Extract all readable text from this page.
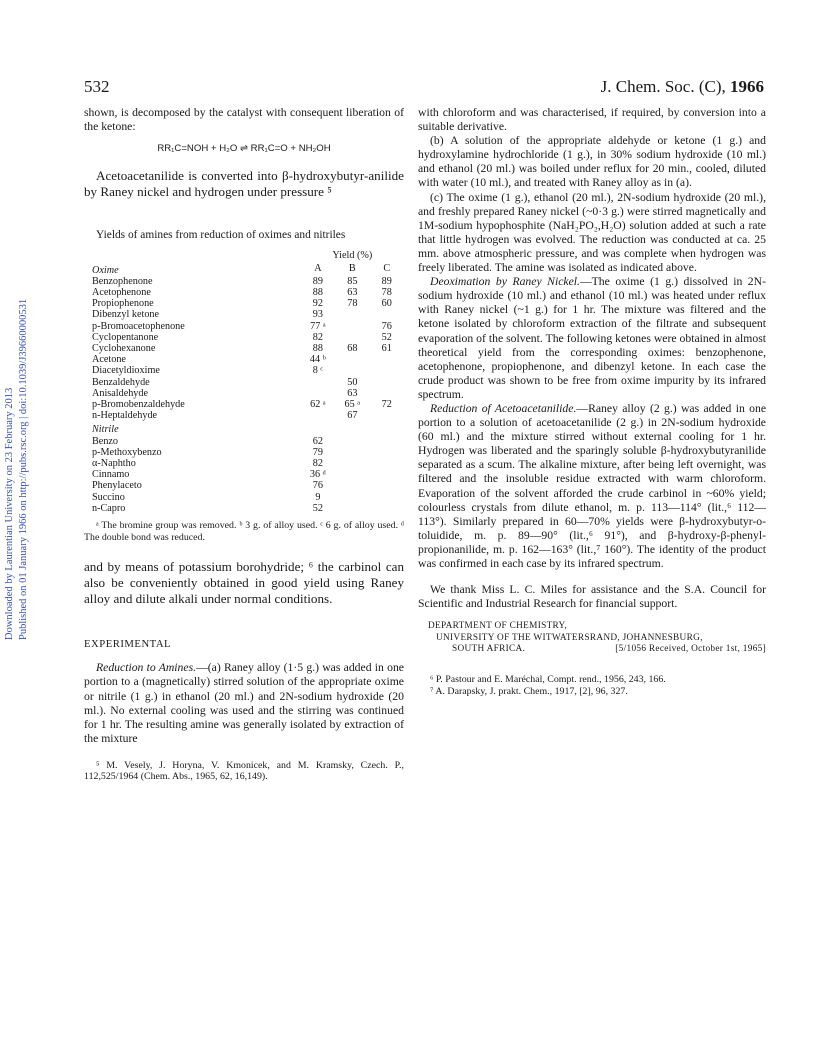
Downloaded by Laurentian University on 23 February 2013 Published on 01 January 1966 on http://pubs.rsc.org | doi:10.1039/J39660000531
532	J. Chem. Soc. (C), 1966

shown, is decomposed by the catalyst with consequent liberation of the ketone:

RR₁C=NOH + H₂O ⇌ RR₁C=O + NH₂OH

Acetoacetanilide is converted into β-hydroxybutyr-anilide by Raney nickel and hydrogen under pressure ⁵

Yields of amines from reduction of oximes and nitriles
		Yield (%)		
Oxime		A	B	C
Benzophenone		89	85	89
Acetophenone		88	63	78
Propiophenone		92	78	60
Dibenzyl ketone		93		
p-Bromoacetophenone		77 ᵃ		76
Cyclopentanone		82		52
Cyclohexanone		88	68	61
Acetone		44 ᵇ		
Diacetyldioxime		8 ᶜ		
Benzaldehyde			50	
Anisaldehyde			63	
p-Bromobenzaldehyde		62 ᵃ	65 ᵃ	72
n-Heptaldehyde			67	
Nitrile				
Benzo		62		
p-Methoxybenzo		79		
α-Naphtho		82		
Cinnamo		36 ᵈ		
Phenylaceto		76		
Succino		9		
n-Capro		52		

ᵃ The bromine group was removed. ᵇ 3 g. of alloy used. ᶜ 6 g. of alloy used. ᵈ The double bond was reduced.

and by means of potassium borohydride; ⁶ the carbinol can also be conveniently obtained in good yield using Raney alloy and dilute alkali under normal conditions.

EXPERIMENTAL

Reduction to Amines.—(a) Raney alloy (1·5 g.) was added in one portion to a (magnetically) stirred solution of the appropriate oxime or nitrile (1 g.) in ethanol (20 ml.) and 2N-sodium hydroxide (20 ml.). No external cooling was used and the stirring was continued for 1 hr. The resulting amine was generally isolated by extraction of the mixture

⁵ M. Vesely, J. Horyna, V. Kmonicek, and M. Kramsky, Czech. P., 112,525/1964 (Chem. Abs., 1965, 62, 16,149).

with chloroform and was characterised, if required, by conversion into a suitable derivative.

(b) A solution of the appropriate aldehyde or ketone (1 g.) and hydroxylamine hydrochloride (1 g.), in 30% sodium hydroxide (10 ml.) and ethanol (20 ml.) was boiled under reflux for 20 min., cooled, diluted with water (10 ml.), and treated with Raney alloy as in (a).

(c) The oxime (1 g.), ethanol (20 ml.), 2N-sodium hydroxide (20 ml.), and freshly prepared Raney nickel (~0·3 g.) were stirred magnetically and 1M-sodium hypophosphite (NaH₂PO₂,H₂O) solution added at such a rate that little hydrogen was evolved. The reduction was conducted at ca. 25 mm. above atmospheric pressure, and was complete when hydrogen was freely liberated. The amine was isolated as indicated above.

Deoximation by Raney Nickel.—The oxime (1 g.) dissolved in 2N-sodium hydroxide (10 ml.) and ethanol (10 ml.) was heated under reflux with Raney nickel (~1 g.) for 1 hr. The mixture was filtered and the ketone isolated by chloroform extraction of the filtrate and subsequent evaporation of the solvent. The following ketones were obtained in almost theoretical yield from the corresponding oximes: benzophenone, acetophenone, propiophenone, and dibenzyl ketone. In each case the crude product was shown to be free from oxime impurity by its infrared spectrum.

Reduction of Acetoacetanilide.—Raney alloy (2 g.) was added in one portion to a solution of acetoacetanilide (2 g.) in 2N-sodium hydroxide (60 ml.) and the mixture stirred without external cooling for 1 hr. Hydrogen was liberated and the sparingly soluble β-hydroxybutyranilide separated as a scum. The alkaline mixture, after being left overnight, was filtered and the insoluble residue extracted with warm chloroform. Evaporation of the solvent afforded the crude carbinol in ~60% yield; colourless crystals from dilute ethanol, m. p. 113—114° (lit.,⁶ 112—113°). Similarly prepared in 60—70% yields were β-hydroxybutyr-o-toluidide, m. p. 89—90° (lit.,⁶ 91°), and β-hydroxy-β-phenyl-propionanilide, m. p. 162—163° (lit.,⁷ 160°). The identity of the product was confirmed in each case by its infrared spectrum.

We thank Miss L. C. Miles for assistance and the S.A. Council for Scientific and Industrial Research for financial support.

DEPARTMENT OF CHEMISTRY,
UNIVERSITY OF THE WITWATERSRAND, JOHANNESBURG,
SOUTH AFRICA.	[5/1056 Received, October 1st, 1965]

⁶ P. Pastour and E. Maréchal, Compt. rend., 1956, 243, 166.

⁷ A. Darapsky, J. prakt. Chem., 1917, [2], 96, 327.
